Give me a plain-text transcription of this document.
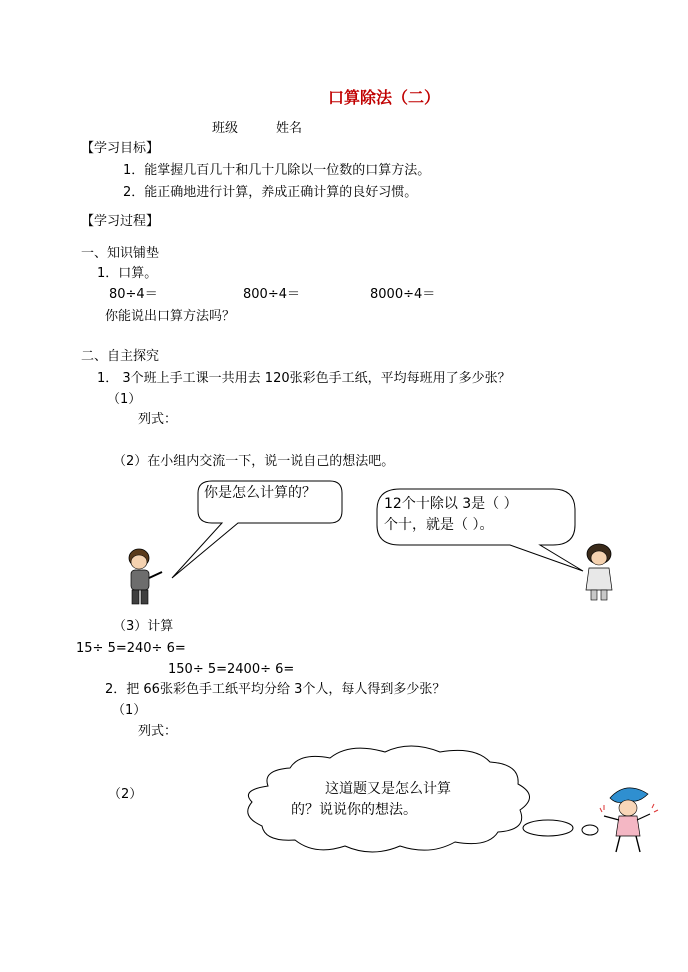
口算除法（二）
班级	姓名
【学习目标】
1．能掌握几百几十和几十几除以一位数的口算方法。
2．能正确地进行计算，养成正确计算的良好习惯。
【学习过程】
一、知识铺垫
1．口算。
80÷4＝	800÷4＝	8000÷4＝
你能说出口算方法吗？
二、自主探究
1． 3个班上手工课一共用去 120张彩色手工纸，平均每班用了多少张？
（1）
列式：
（2）在小组内交流一下，说一说自己的想法吧。
你是怎么计算的？
12个十除以 3是（ ）
个十，就是（ ）。
（3）计算
15÷ 5=240÷ 6=
150÷ 5=2400÷ 6=
2．把 66张彩色手工纸平均分给 3个人，每人得到多少张？
（1）
列式：
（2）	这道题又是怎么计算
的？说说你的想法。
